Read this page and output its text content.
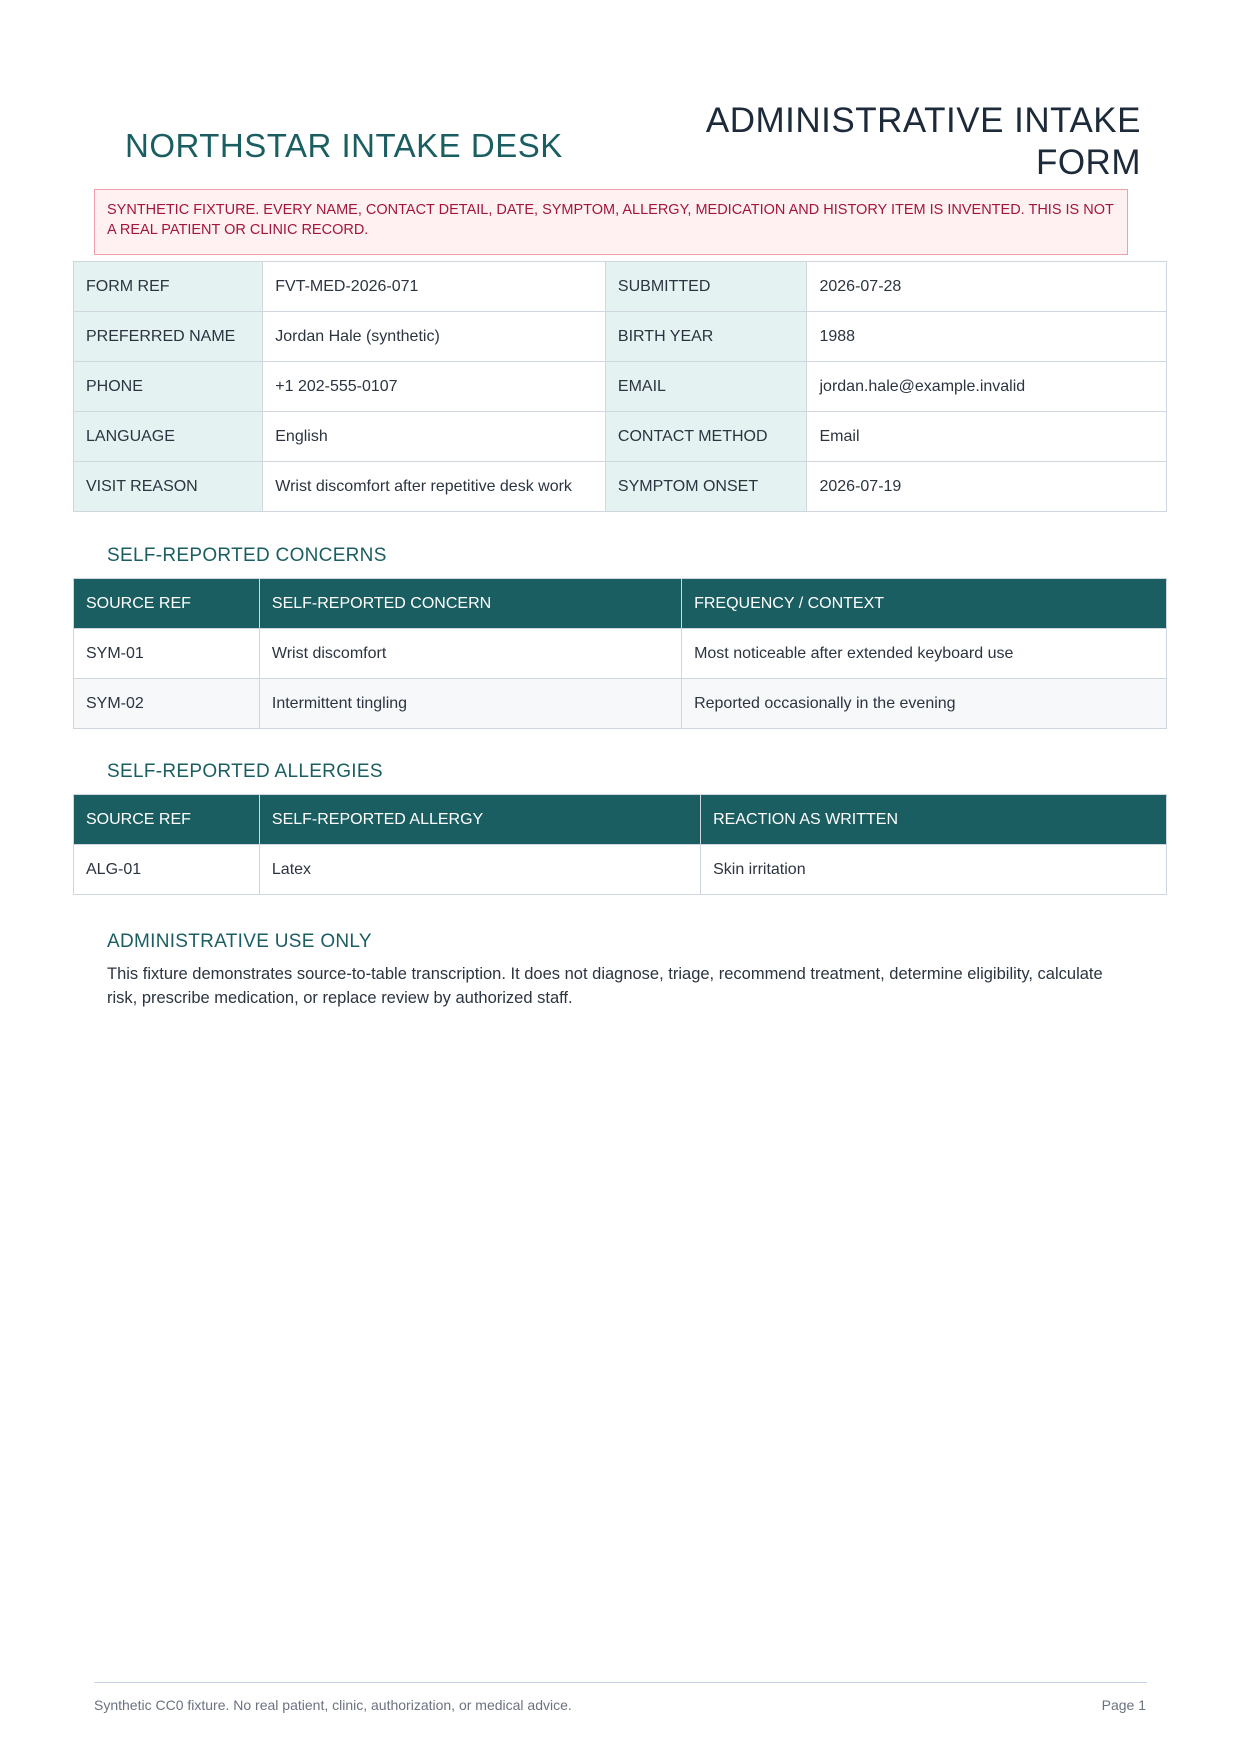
NORTHSTAR INTAKE DESK
ADMINISTRATIVE INTAKE FORM
SYNTHETIC FIXTURE. EVERY NAME, CONTACT DETAIL, DATE, SYMPTOM, ALLERGY, MEDICATION AND HISTORY ITEM IS INVENTED. THIS IS NOT A REAL PATIENT OR CLINIC RECORD.
FORM REF	FVT-MED-2026-071	SUBMITTED	2026-07-28
PREFERRED NAME	Jordan Hale (synthetic)	BIRTH YEAR	1988
PHONE	+1 202-555-0107	EMAIL	jordan.hale@example.invalid
LANGUAGE	English	CONTACT METHOD	Email
VISIT REASON	Wrist discomfort after repetitive desk work	SYMPTOM ONSET	2026-07-19
SELF-REPORTED CONCERNS
SOURCE REF	SELF-REPORTED CONCERN	FREQUENCY / CONTEXT
SYM-01	Wrist discomfort	Most noticeable after extended keyboard use
SYM-02	Intermittent tingling	Reported occasionally in the evening
SELF-REPORTED ALLERGIES
SOURCE REF	SELF-REPORTED ALLERGY	REACTION AS WRITTEN
ALG-01	Latex	Skin irritation
ADMINISTRATIVE USE ONLY
This fixture demonstrates source-to-table transcription. It does not diagnose, triage, recommend treatment, determine eligibility, calculate risk, prescribe medication, or replace review by authorized staff.
Synthetic CC0 fixture. No real patient, clinic, authorization, or medical advice.	Page 1
